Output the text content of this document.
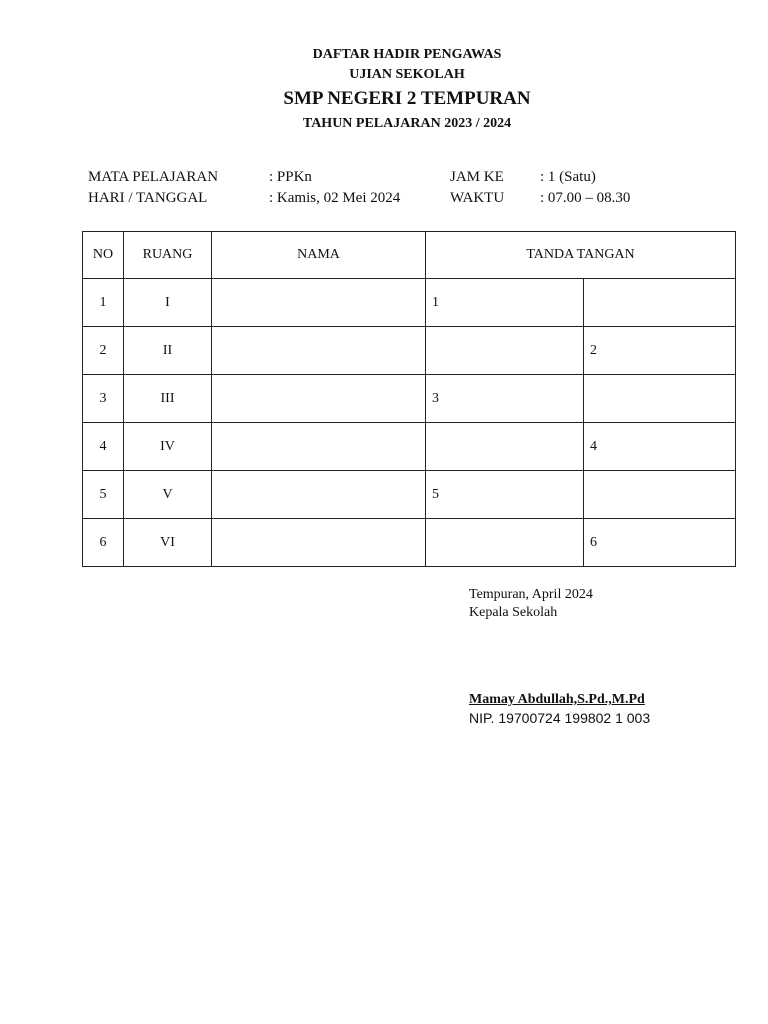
DAFTAR HADIR PENGAWAS
UJIAN SEKOLAH
SMP NEGERI 2 TEMPURAN
TAHUN PELAJARAN 2023 / 2024
MATA PELAJARAN	: PPKn	JAM KE : 1 (Satu)
HARI / TANGGAL	: Kamis, 02 Mei 2024	WAKTU : 07.00 – 08.30
NO	RUANG	NAMA	TANDA TANGAN	
1	I		1	
2	II			2
3	III		3	
4	IV			4
5	V		5	
6	VI			6
Tempuran, April 2024
Kepala Sekolah
Mamay Abdullah,S.Pd.,M.Pd
NIP. 19700724 199802 1 003
